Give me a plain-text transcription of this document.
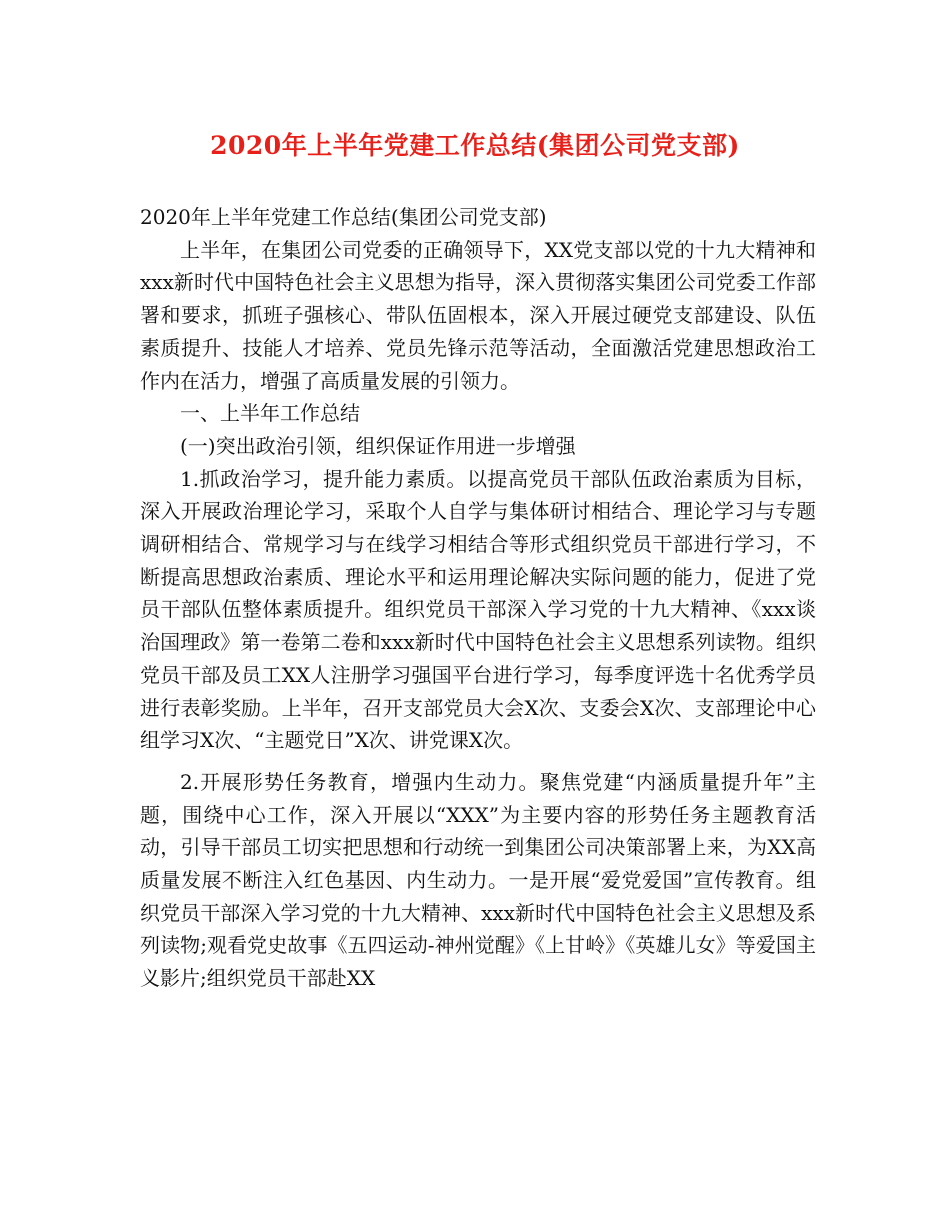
2020年上半年党建工作总结(集团公司党支部)

2020年上半年党建工作总结(集团公司党支部)

上半年，在集团公司党委的正确领导下，XX党支部以党的十九大精神和xxx新时代中国特色社会主义思想为指导，深入贯彻落实集团公司党委工作部署和要求，抓班子强核心、带队伍固根本，深入开展过硬党支部建设、队伍素质提升、技能人才培养、党员先锋示范等活动，全面激活党建思想政治工作内在活力，增强了高质量发展的引领力。

一、上半年工作总结

(一)突出政治引领，组织保证作用进一步增强

1.抓政治学习，提升能力素质。以提高党员干部队伍政治素质为目标，深入开展政治理论学习，采取个人自学与集体研讨相结合、理论学习与专题调研相结合、常规学习与在线学习相结合等形式组织党员干部进行学习，不断提高思想政治素质、理论水平和运用理论解决实际问题的能力，促进了党员干部队伍整体素质提升。组织党员干部深入学习党的十九大精神、《xxx谈治国理政》第一卷第二卷和xxx新时代中国特色社会主义思想系列读物。组织党员干部及员工XX人注册学习强国平台进行学习，每季度评选十名优秀学员进行表彰奖励。上半年，召开支部党员大会X次、支委会X次、支部理论中心组学习X次、“主题党日”X次、讲党课X次。

2.开展形势任务教育，增强内生动力。聚焦党建“内涵质量提升年”主题，围绕中心工作，深入开展以“XXX”为主要内容的形势任务主题教育活动，引导干部员工切实把思想和行动统一到集团公司决策部署上来，为XX高质量发展不断注入红色基因、内生动力。一是开展“爱党爱国”宣传教育。组织党员干部深入学习党的十九大精神、xxx新时代中国特色社会主义思想及系列读物;观看党史故事《五四运动-神州觉醒》《上甘岭》《英雄儿女》等爱国主义影片;组织党员干部赴XX
